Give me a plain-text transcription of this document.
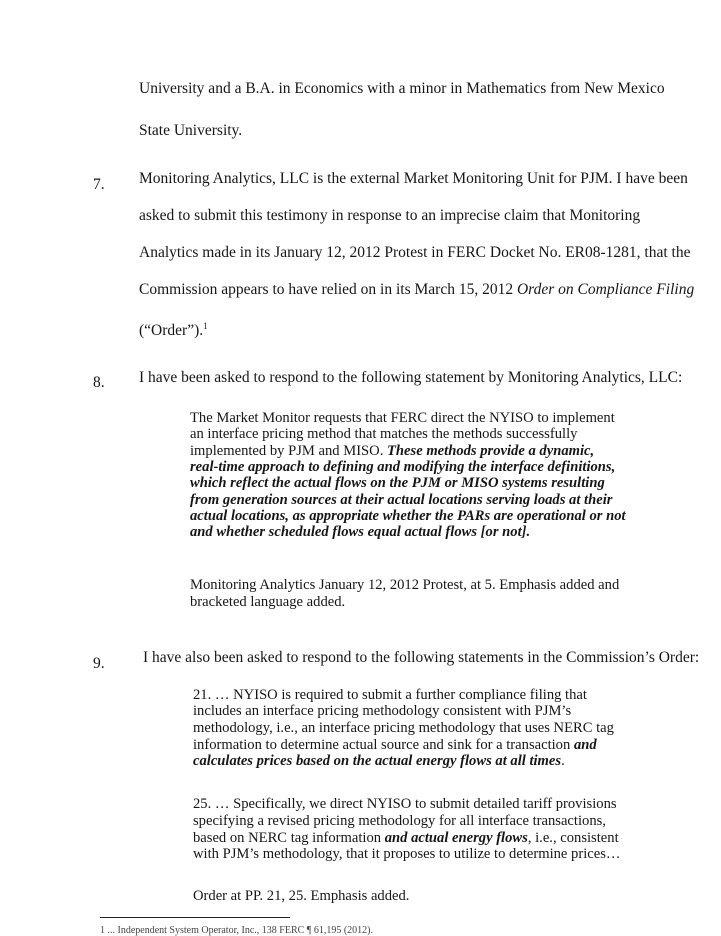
University and a B.A. in Economics with a minor in Mathematics from New Mexico
State University.
7. Monitoring Analytics, LLC is the external Market Monitoring Unit for PJM. I have been
asked to submit this testimony in response to an imprecise claim that Monitoring
Analytics made in its January 12, 2012 Protest in FERC Docket No. ER08-1281, that the
Commission appears to have relied on in its March 15, 2012 Order on Compliance Filing
(“Order”).$^1$
8. I have been asked to respond to the following statement by Monitoring Analytics, LLC:
The Market Monitor requests that FERC direct the NYISO to implement
an interface pricing method that matches the methods successfully
implemented by PJM and MISO. These methods provide a dynamic,
real-time approach to defining and modifying the interface definitions,
which reflect the actual flows on the PJM or MISO systems resulting
from generation sources at their actual locations serving loads at their
actual locations, as appropriate whether the PARs are operational or not
and whether scheduled flows equal actual flows [or not].
Monitoring Analytics January 12, 2012 Protest, at 5. Emphasis added and
bracketed language added.
9. I have also been asked to respond to the following statements in the Commission’s Order:
21. … NYISO is required to submit a further compliance filing that
includes an interface pricing methodology consistent with PJM’s
methodology, i.e., an interface pricing methodology that uses NERC tag
information to determine actual source and sink for a transaction and
calculates prices based on the actual energy flows at all times.
25. … Specifically, we direct NYISO to submit detailed tariff provisions
specifying a revised pricing methodology for all interface transactions,
based on NERC tag information and actual energy flows, i.e., consistent
with PJM’s methodology, that it proposes to utilize to determine prices…
Order at PP. 21, 25. Emphasis added.
1 ... Independent System Operator, Inc., 138 FERC ¶ 61,195 (2012).
